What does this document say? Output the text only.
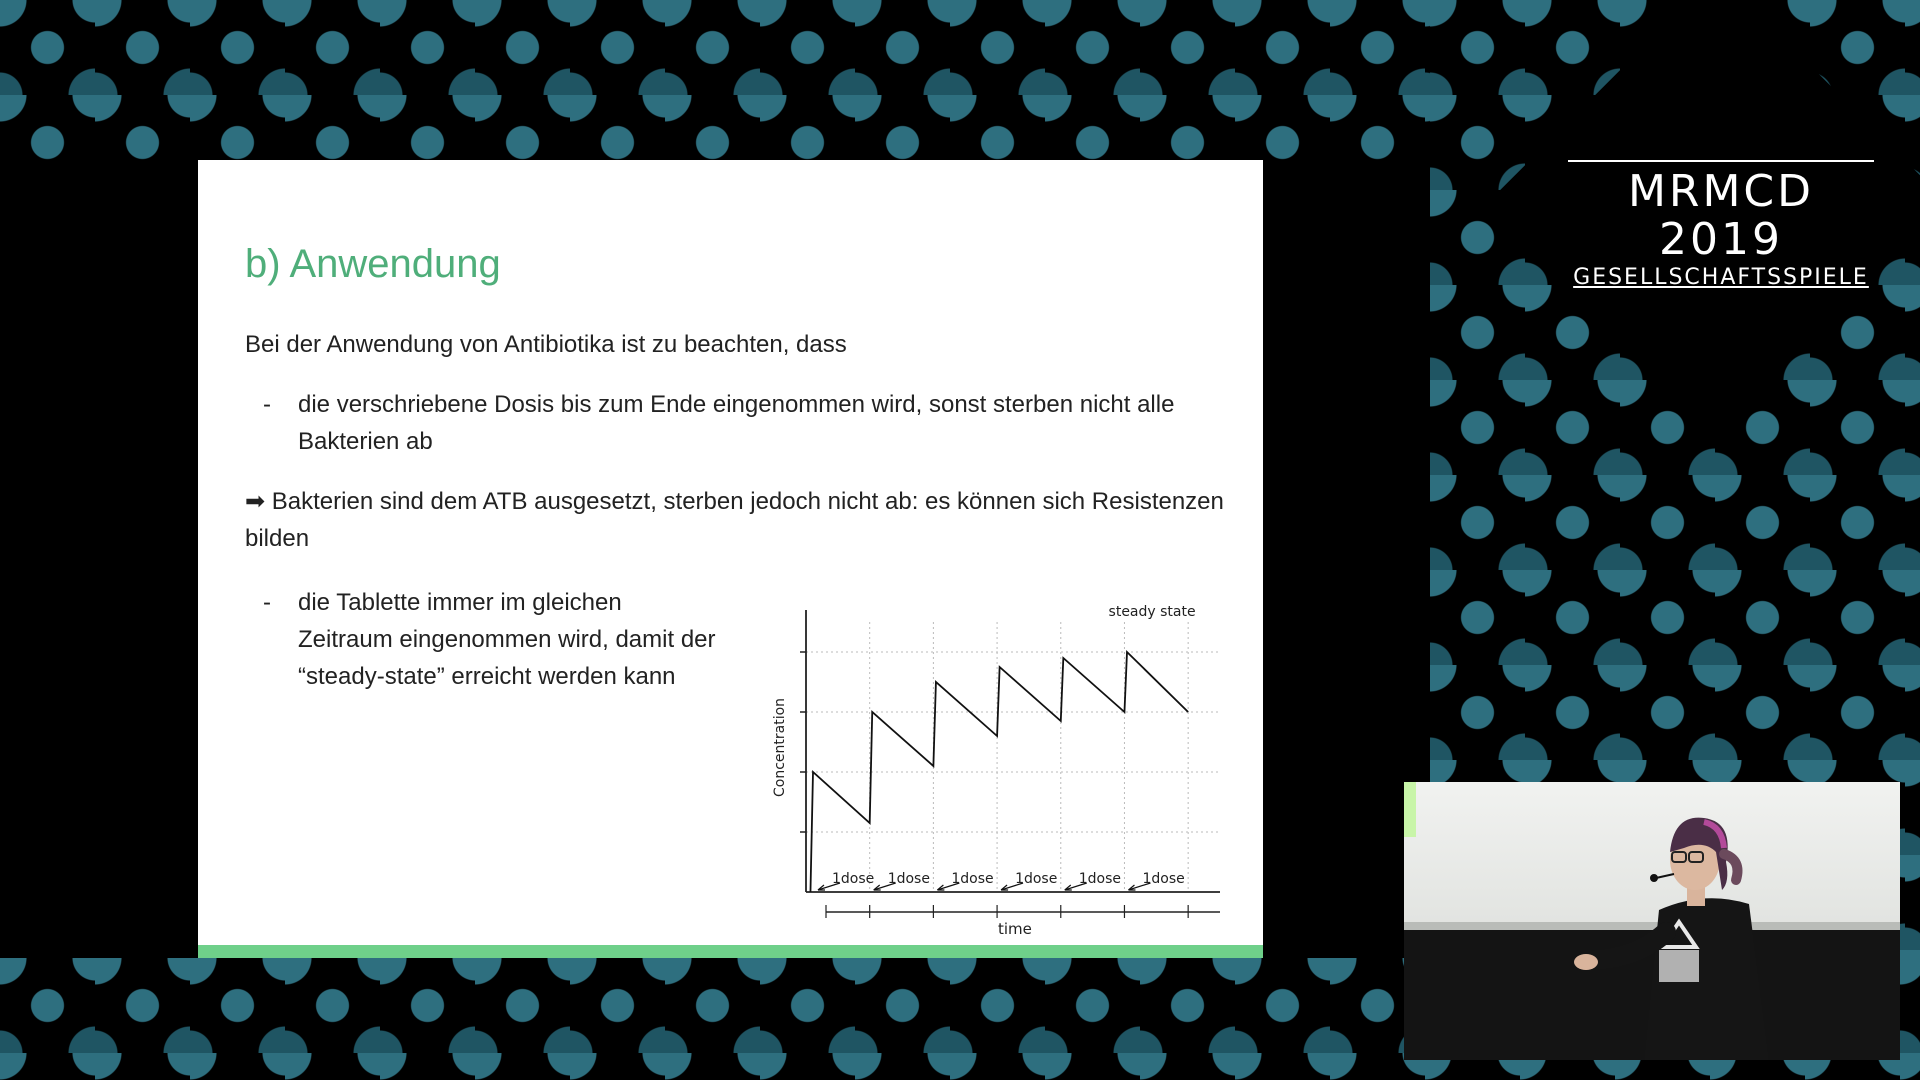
MRMCD 2019
GESELLSCHAFTSSPIELE
b) Anwendung

Bei der Anwendung von Antibiotika ist zu beachten, dass

- die verschriebene Dosis bis zum Ende eingenommen wird, sonst sterben nicht alle Bakterien ab

➡ Bakterien sind dem ATB ausgesetzt, sterben jedoch nicht ab: es können sich Resistenzen bilden

- die Tablette immer im gleichen Zeitraum eingenommen wird, damit der “steady-state” erreicht werden kann

1dose 1dose 1dose 1dose 1dose 1dose
Concentration
time
steady state
